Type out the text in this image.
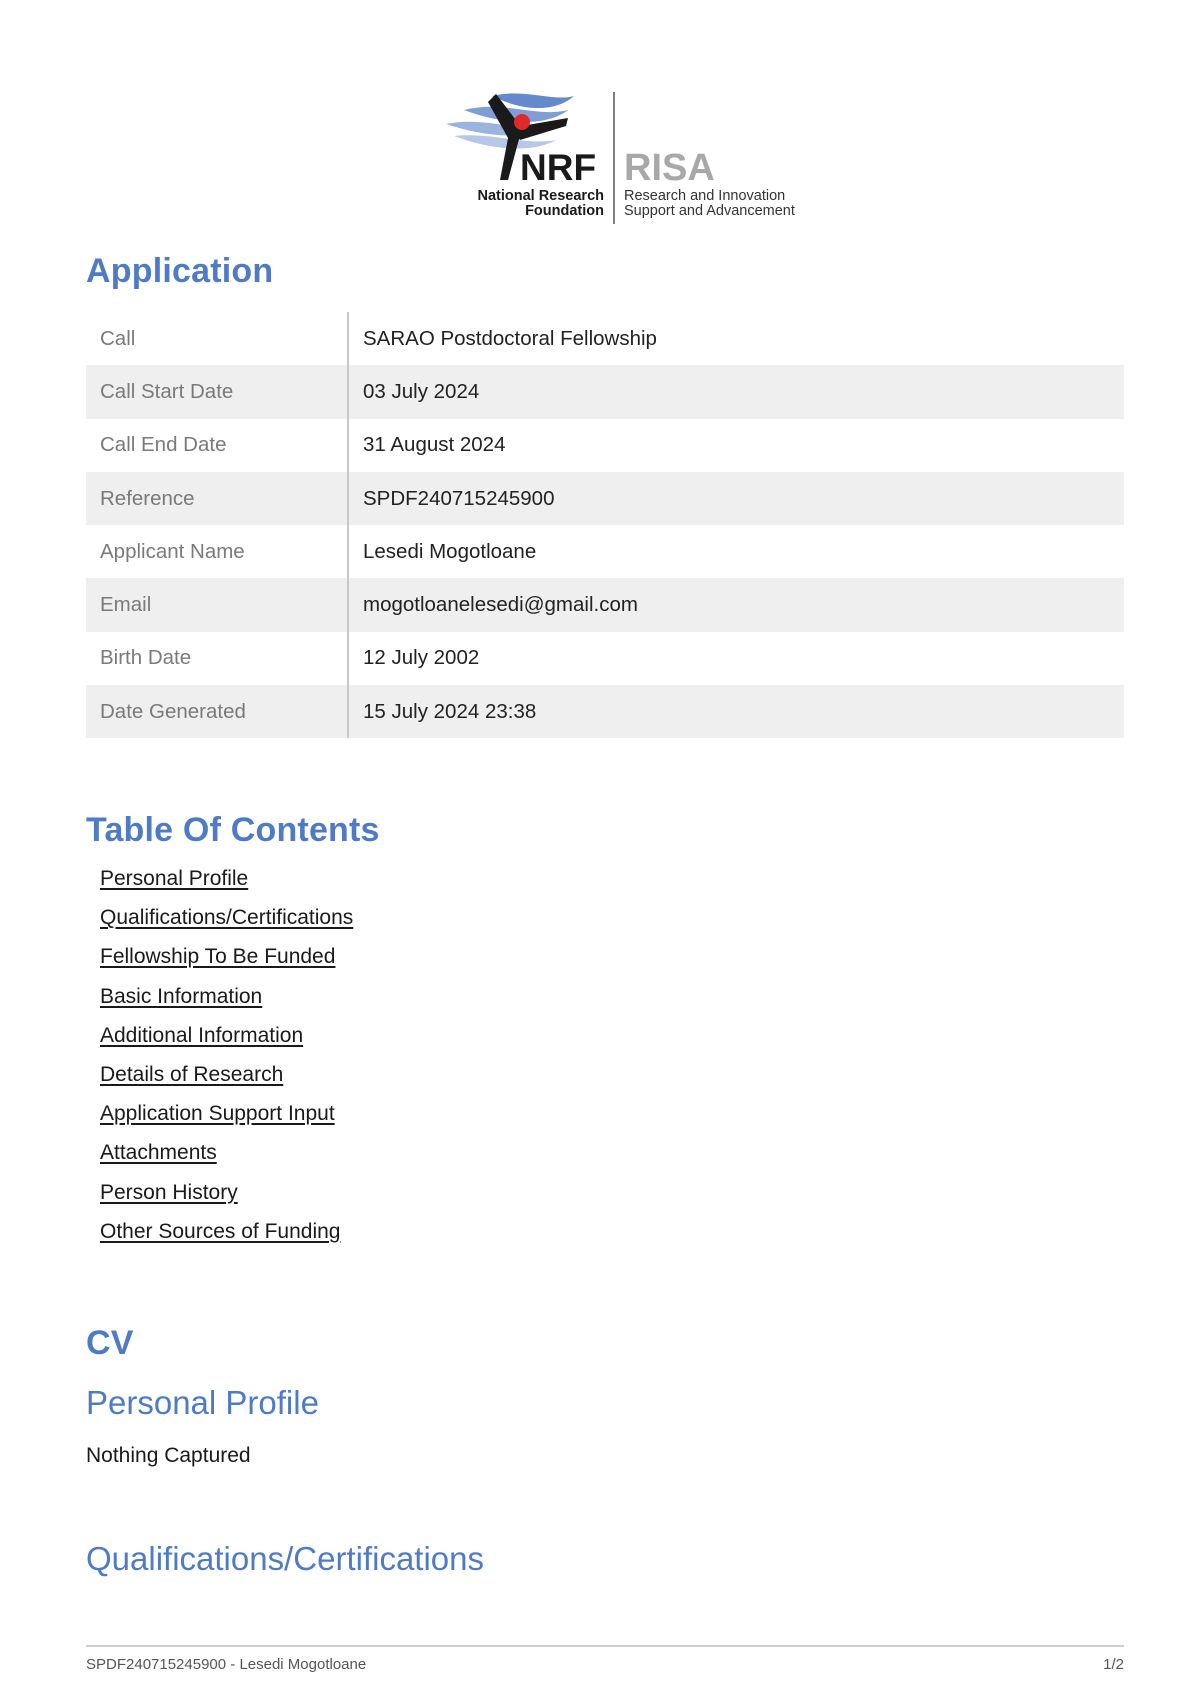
NRF
National Research
Foundation
RISA
Research and Innovation
Support and Advancement
Application
Call	SARAO Postdoctoral Fellowship
Call Start Date	03 July 2024
Call End Date	31 August 2024
Reference	SPDF240715245900
Applicant Name	Lesedi Mogotloane
Email	mogotloanelesedi@gmail.com
Birth Date	12 July 2002
Date Generated	15 July 2024 23:38
Table Of Contents
Personal Profile
Qualifications/Certifications
Fellowship To Be Funded
Basic Information
Additional Information
Details of Research
Application Support Input
Attachments
Person History
Other Sources of Funding
CV
Personal Profile

Nothing Captured

Qualifications/Certifications
SPDF240715245900 - Lesedi Mogotloane	1/2
